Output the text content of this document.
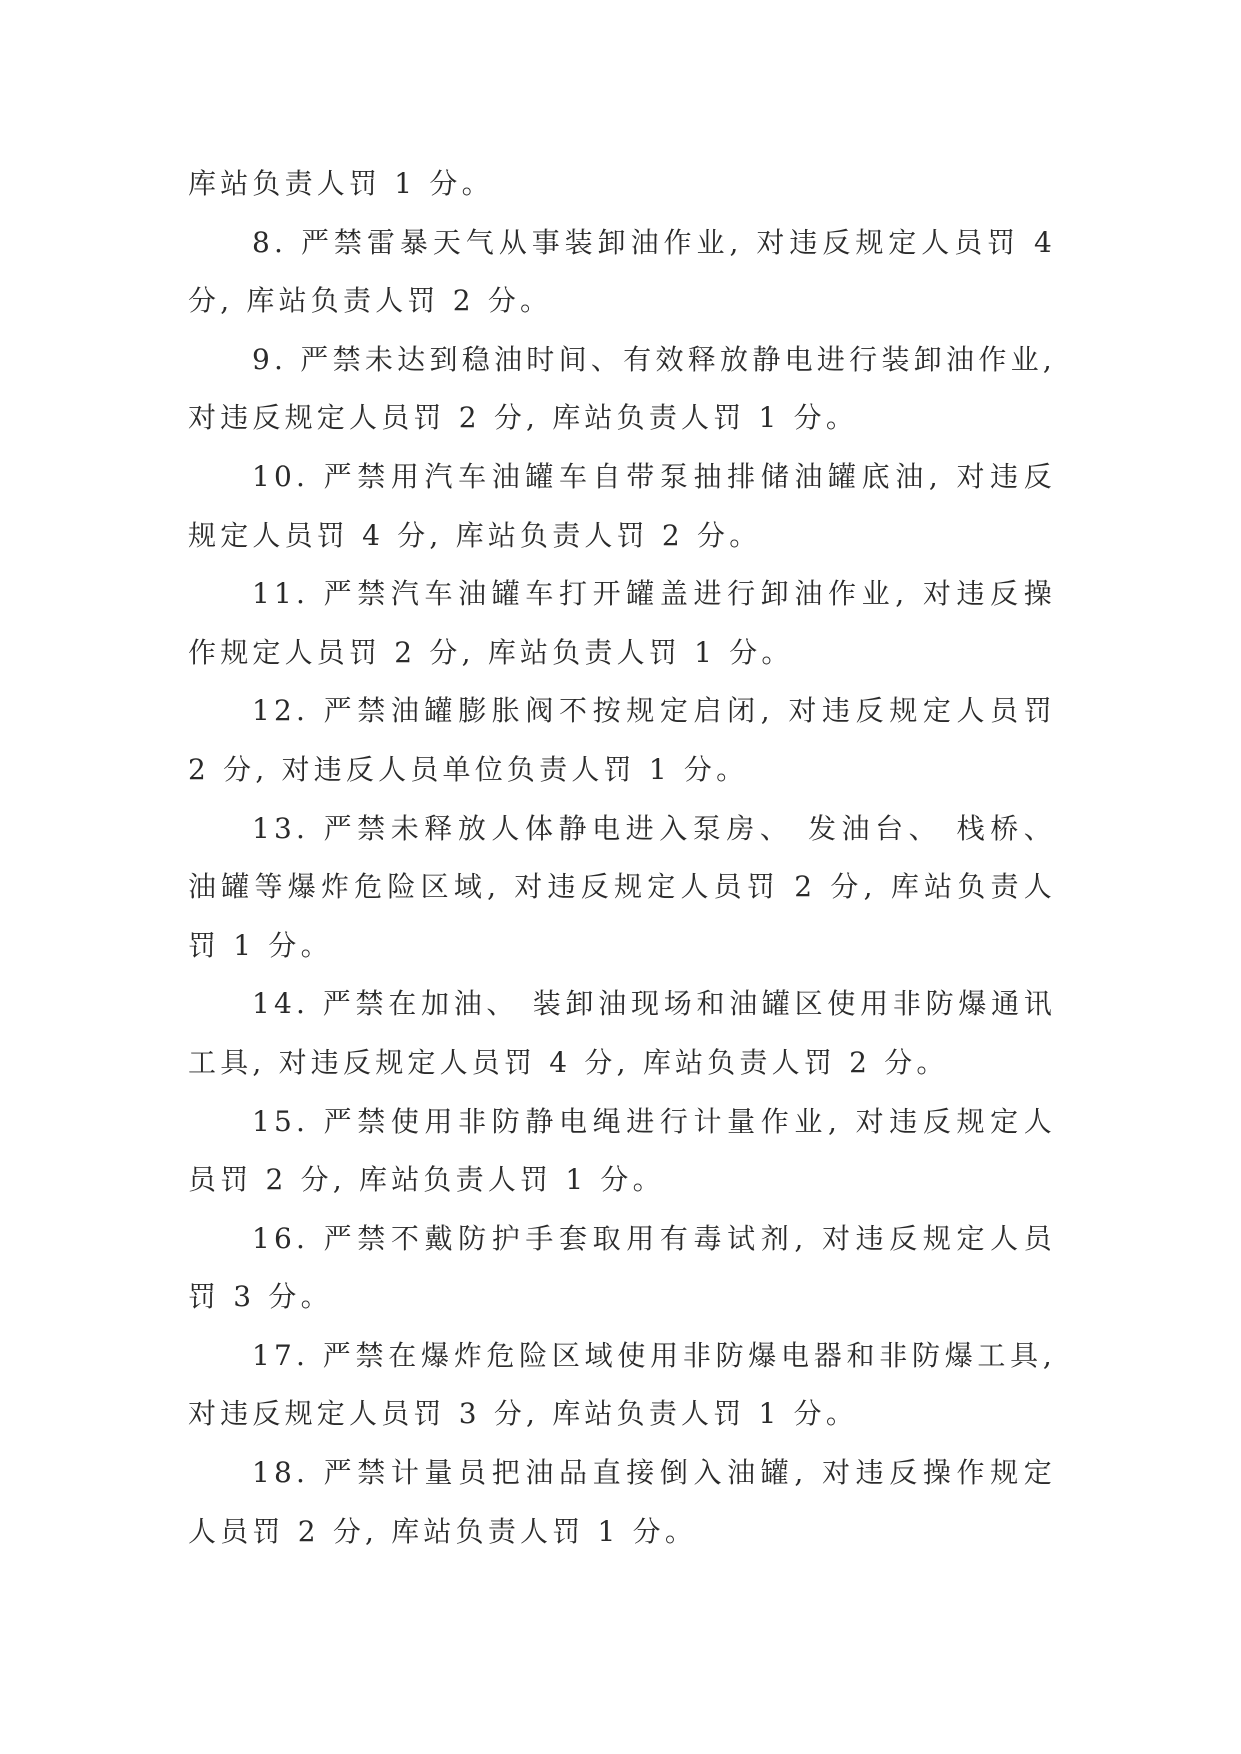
库站负责人罚 1 分。

8. 严禁雷暴天气从事装卸油作业, 对违反规定人员罚 4 分, 库站负责人罚 2 分。

9. 严禁未达到稳油时间、有效释放静电进行装卸油作业, 对违反规定人员罚 2 分, 库站负责人罚 1 分。

10. 严禁用汽车油罐车自带泵抽排储油罐底油, 对违反规定人员罚 4 分, 库站负责人罚 2 分。

11. 严禁汽车油罐车打开罐盖进行卸油作业, 对违反操作规定人员罚 2 分, 库站负责人罚 1 分。

12. 严禁油罐膨胀阀不按规定启闭, 对违反规定人员罚 2 分, 对违反人员单位负责人罚 1 分。

13. 严禁未释放人体静电进入泵房、 发油台、 栈桥、 油罐等爆炸危险区域, 对违反规定人员罚 2 分, 库站负责人罚 1 分。

14. 严禁在加油、 装卸油现场和油罐区使用非防爆通讯工具, 对违反规定人员罚 4 分, 库站负责人罚 2 分。

15. 严禁使用非防静电绳进行计量作业, 对违反规定人员罚 2 分, 库站负责人罚 1 分。

16. 严禁不戴防护手套取用有毒试剂, 对违反规定人员罚 3 分。

17. 严禁在爆炸危险区域使用非防爆电器和非防爆工具, 对违反规定人员罚 3 分, 库站负责人罚 1 分。

18. 严禁计量员把油品直接倒入油罐, 对违反操作规定人员罚 2 分, 库站负责人罚 1 分。
